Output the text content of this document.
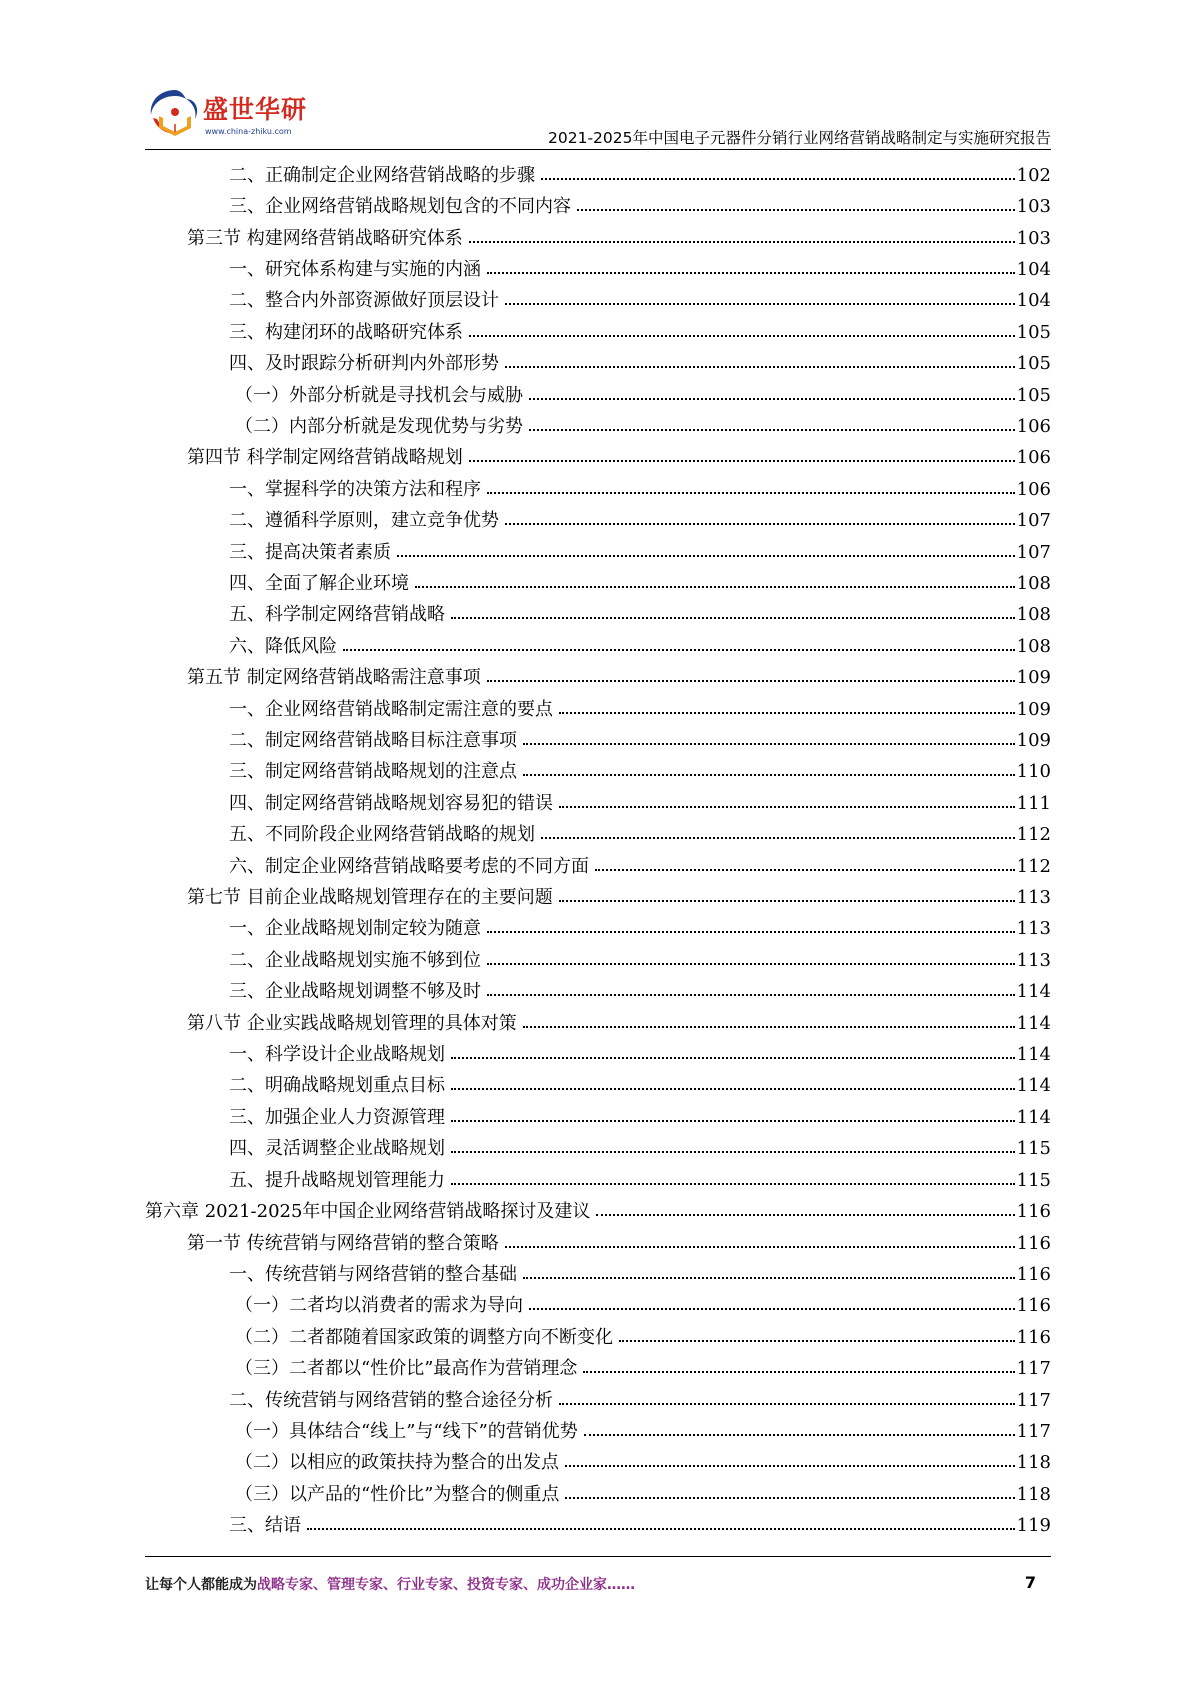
盛世华研
www.china-zhiku.com	2021-2025年中国电子元器件分销行业网络营销战略制定与实施研究报告
二、正确制定企业网络营销战略的步骤	102
三、企业网络营销战略规划包含的不同内容	103
第三节 构建网络营销战略研究体系	103
一、研究体系构建与实施的内涵	104
二、整合内外部资源做好顶层设计	104
三、构建闭环的战略研究体系	105
四、及时跟踪分析研判内外部形势	105
（一）外部分析就是寻找机会与威胁	105
（二）内部分析就是发现优势与劣势	106
第四节 科学制定网络营销战略规划	106
一、掌握科学的决策方法和程序	106
二、遵循科学原则，建立竞争优势	107
三、提高决策者素质	107
四、全面了解企业环境	108
五、科学制定网络营销战略	108
六、降低风险	108
第五节 制定网络营销战略需注意事项	109
一、企业网络营销战略制定需注意的要点	109
二、制定网络营销战略目标注意事项	109
三、制定网络营销战略规划的注意点	110
四、制定网络营销战略规划容易犯的错误	111
五、不同阶段企业网络营销战略的规划	112
六、制定企业网络营销战略要考虑的不同方面	112
第七节 目前企业战略规划管理存在的主要问题	113
一、企业战略规划制定较为随意	113
二、企业战略规划实施不够到位	113
三、企业战略规划调整不够及时	114
第八节 企业实践战略规划管理的具体对策	114
一、科学设计企业战略规划	114
二、明确战略规划重点目标	114
三、加强企业人力资源管理	114
四、灵活调整企业战略规划	115
五、提升战略规划管理能力	115
第六章 2021-2025年中国企业网络营销战略探讨及建议	116
第一节 传统营销与网络营销的整合策略	116
一、传统营销与网络营销的整合基础	116
（一）二者均以消费者的需求为导向	116
（二）二者都随着国家政策的调整方向不断变化	116
（三）二者都以“性价比”最高作为营销理念	117
二、传统营销与网络营销的整合途径分析	117
（一）具体结合“线上”与“线下”的营销优势	117
（二）以相应的政策扶持为整合的出发点	118
（三）以产品的“性价比”为整合的侧重点	118
三、结语	119
让每个人都能成为战略专家、管理专家、行业专家、投资专家、成功企业家……	7
